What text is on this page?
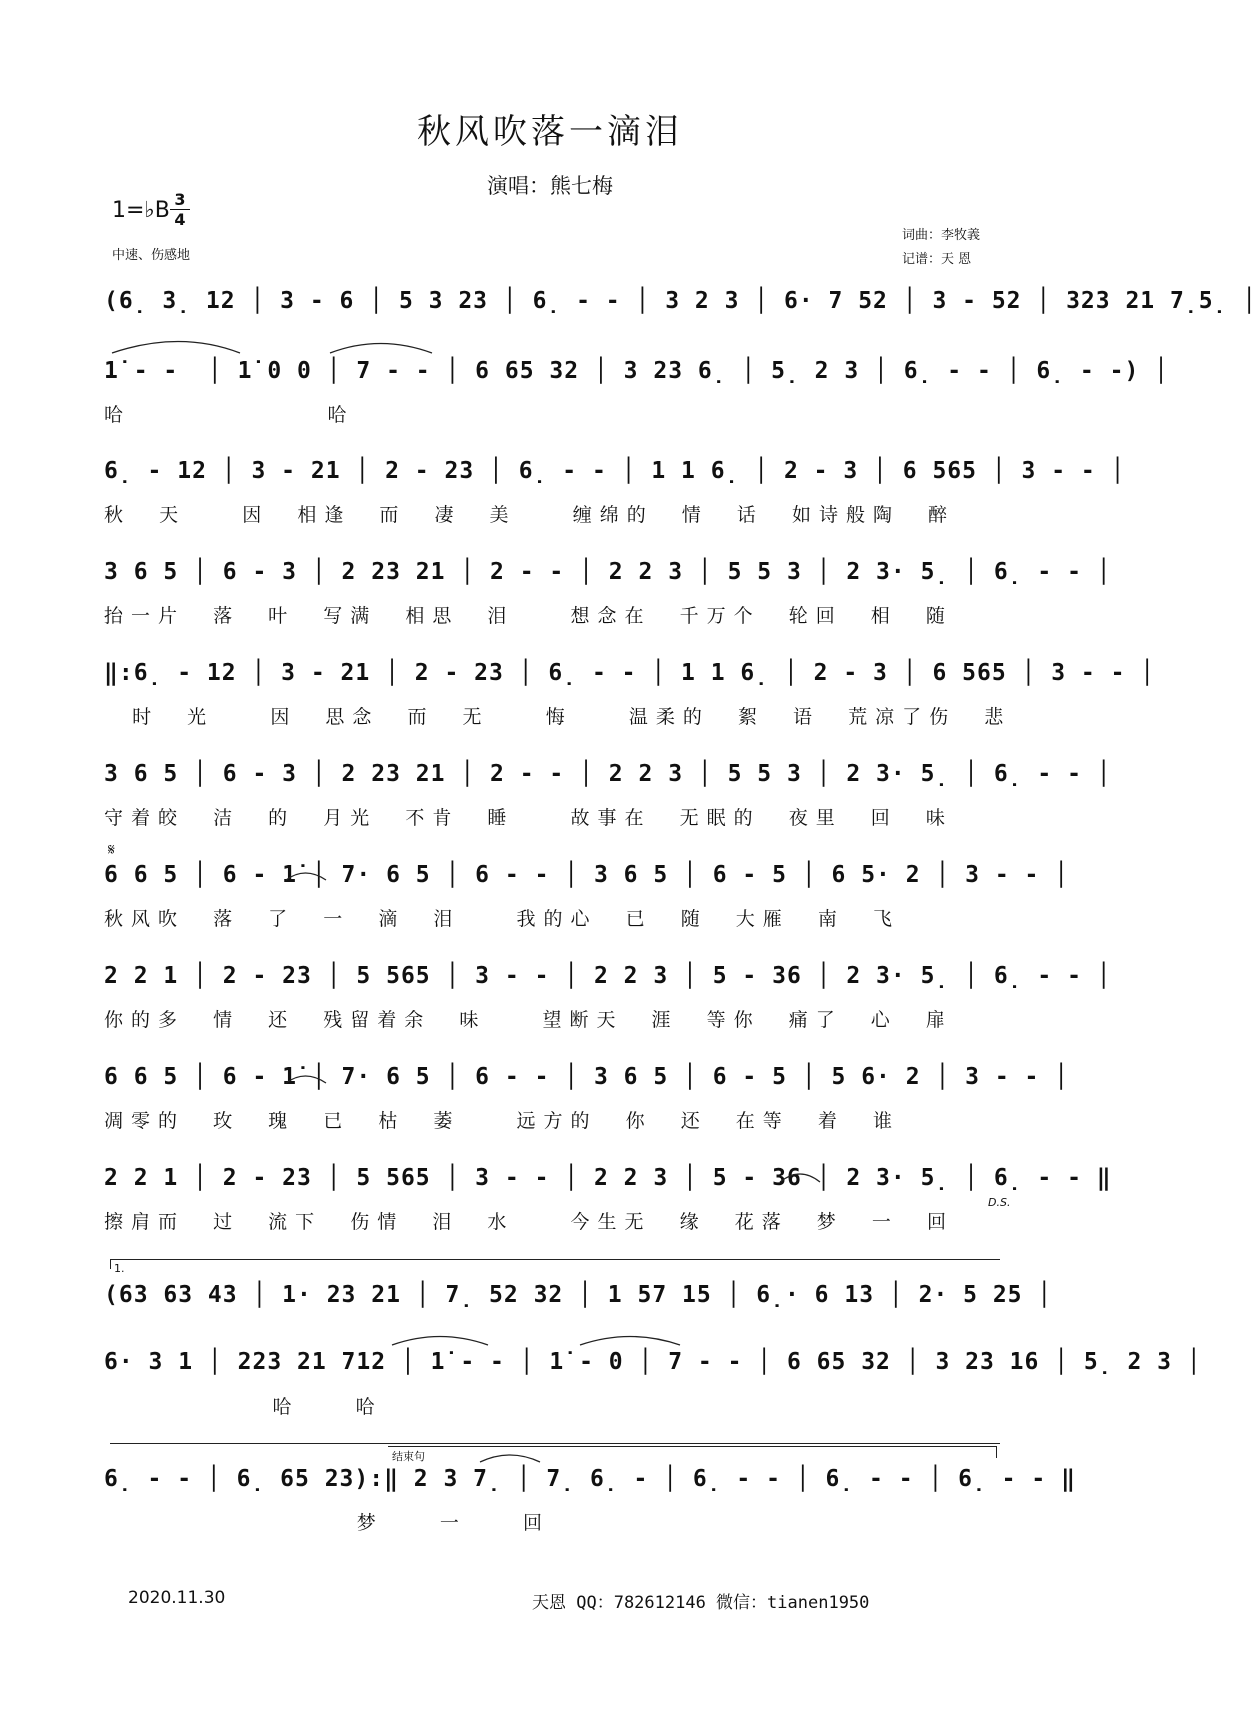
秋风吹落一滴泪
演唱：熊七梅
1=♭B 3
4
中速、伤感地
词曲：李牧義
记谱：天 恩
(6̣ 3̣ 12 │ 3 - 6 │ 5 3 23 │ 6̣ - - │ 3 2 3 │ 6· 7 52 │ 3 - 52 │ 323 21 7̣5̣ │
1̇ - -  │ 1̇ 0 0 │ 7 - - │ 6 65 32 │ 3 23 6̣ │ 5̣ 2 3 │ 6̣ - - │ 6̣ - -) │
哈              哈
6̣ - 12 │ 3 - 21 │ 2 - 23 │ 6̣ - - │ 1 1 6̣ │ 2 - 3 │ 6 565 │ 3 - - │
秋  天    因  相逢  而  凄  美    缠绵的  情  话  如诗般陶  醉
3 6 5 │ 6 - 3 │ 2 23 21 │ 2 - - │ 2 2 3 │ 5 5 3 │ 2 3· 5̣ │ 6̣ - - │
抬一片  落  叶  写满  相思  泪    想念在  千万个  轮回  相  随
‖:6̣ - 12 │ 3 - 21 │ 2 - 23 │ 6̣ - - │ 1 1 6̣ │ 2 - 3 │ 6 565 │ 3 - - │
时  光    因  思念  而  无    悔    温柔的  絮  语  荒凉了伤  悲
3 6 5 │ 6 - 3 │ 2 23 21 │ 2 - - │ 2 2 3 │ 5 5 3 │ 2 3· 5̣ │ 6̣ - - │
守着皎  洁  的  月光  不肯  睡    故事在  无眠的  夜里  回  味
𝄋
6 6 5 │ 6 - 1̇ │ 7· 6 5 │ 6 - - │ 3 6 5 │ 6 - 5 │ 6 5· 2 │ 3 - - │
秋风吹  落  了  一  滴  泪    我的心  已  随  大雁  南  飞
2 2 1 │ 2 - 23 │ 5 565 │ 3 - - │ 2 2 3 │ 5 - 36 │ 2 3· 5̣ │ 6̣ - - │
你的多  情  还  残留着余  味    望断天  涯  等你  痛了  心  扉
6 6 5 │ 6 - 1̇ │ 7· 6 5 │ 6 - - │ 3 6 5 │ 6 - 5 │ 5 6· 2 │ 3 - - │
凋零的  玫  瑰  已  枯  萎    远方的  你  还  在等  着  谁
2 2 1 │ 2 - 23 │ 5 565 │ 3 - - │ 2 2 3 │ 5 - 36 │ 2 3· 5̣ │ 6̣ - - ‖
擦肩而  过  流下  伤情  泪  水    今生无  缘  花落  梦  一  回
D.S.
1.
(63 63 43 │ 1· 23 21 │ 7̣ 52 32 │ 1 57 15 │ 6̣· 6 13 │ 2· 5 25 │
6· 3 1 │ 223 21 712 │ 1̇ - - │ 1̇ - 0 │ 7 - - │ 6 65 32 │ 3 23 16 │ 5̣ 2 3 │
哈    哈
结束句
6̣ - - │ 6̣ 65 23):‖ 2 3 7̣ │ 7̣ 6̣ - │ 6̣ - - │ 6̣ - - │ 6̣ - - ‖
梦    一    回
2020.11.30	天恩 QQ：782612146 微信：tianen1950
